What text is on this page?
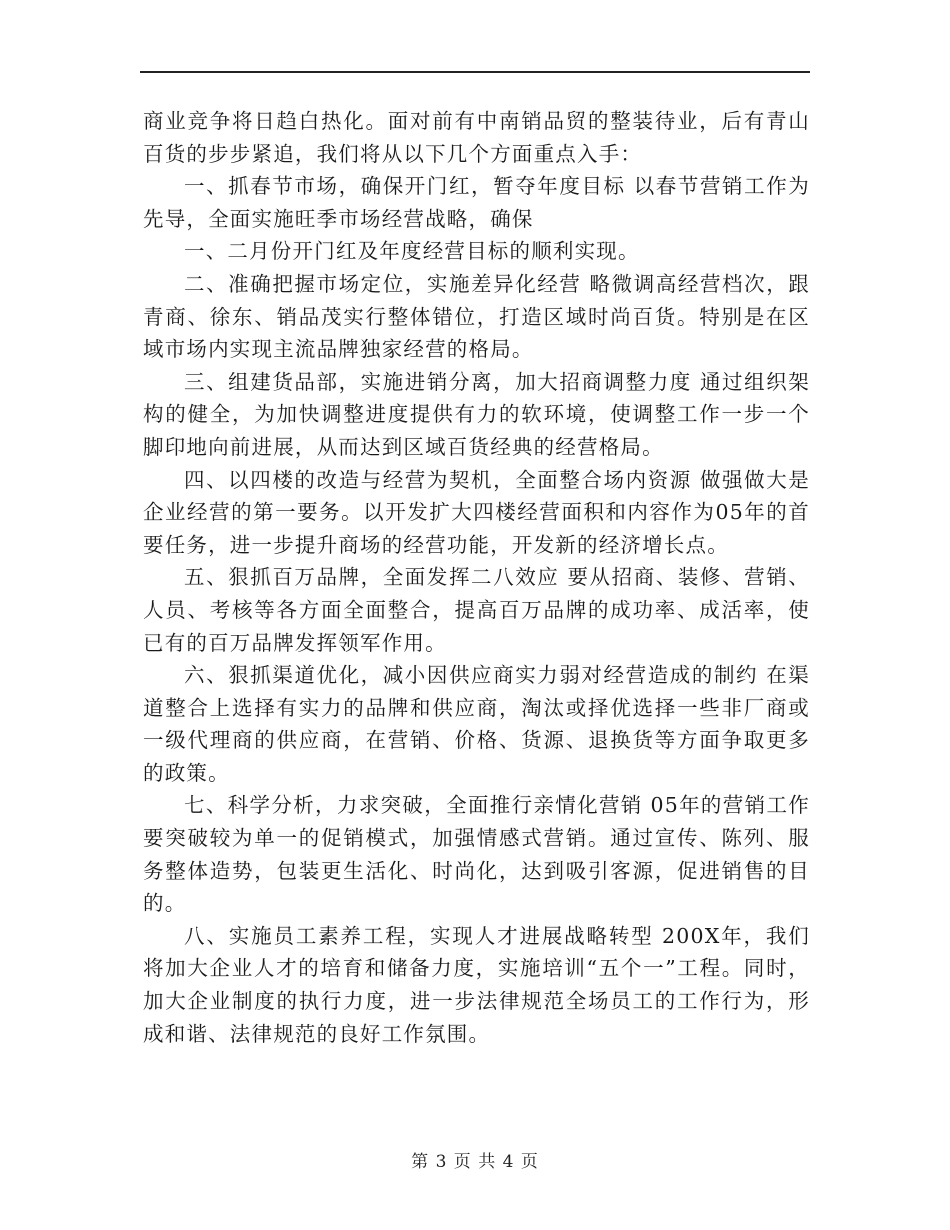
商业竞争将日趋白热化。面对前有中南销品贸的整装待业，后有青山百货的步步紧追，我们将从以下几个方面重点入手：

一、抓春节市场，确保开门红，暂夺年度目标 以春节营销工作为先导，全面实施旺季市场经营战略，确保

一、二月份开门红及年度经营目标的顺利实现。

二、准确把握市场定位，实施差异化经营 略微调高经营档次，跟青商、徐东、销品茂实行整体错位，打造区域时尚百货。特别是在区域市场内实现主流品牌独家经营的格局。

三、组建货品部，实施进销分离，加大招商调整力度 通过组织架构的健全，为加快调整进度提供有力的软环境，使调整工作一步一个脚印地向前进展，从而达到区域百货经典的经营格局。

四、以四楼的改造与经营为契机，全面整合场内资源 做强做大是企业经营的第一要务。以开发扩大四楼经营面积和内容作为05年的首要任务，进一步提升商场的经营功能，开发新的经济增长点。

五、狠抓百万品牌，全面发挥二八效应 要从招商、装修、营销、人员、考核等各方面全面整合，提高百万品牌的成功率、成活率，使已有的百万品牌发挥领军作用。

六、狠抓渠道优化，减小因供应商实力弱对经营造成的制约 在渠道整合上选择有实力的品牌和供应商，淘汰或择优选择一些非厂商或一级代理商的供应商，在营销、价格、货源、退换货等方面争取更多的政策。

七、科学分析，力求突破，全面推行亲情化营销 05年的营销工作要突破较为单一的促销模式，加强情感式营销。通过宣传、陈列、服务整体造势，包装更生活化、时尚化，达到吸引客源，促进销售的目的。

八、实施员工素养工程，实现人才进展战略转型 200X年，我们将加大企业人才的培育和储备力度，实施培训“五个一”工程。同时，加大企业制度的执行力度，进一步法律规范全场员工的工作行为，形成和谐、法律规范的良好工作氛围。

第 3 页 共 4 页
